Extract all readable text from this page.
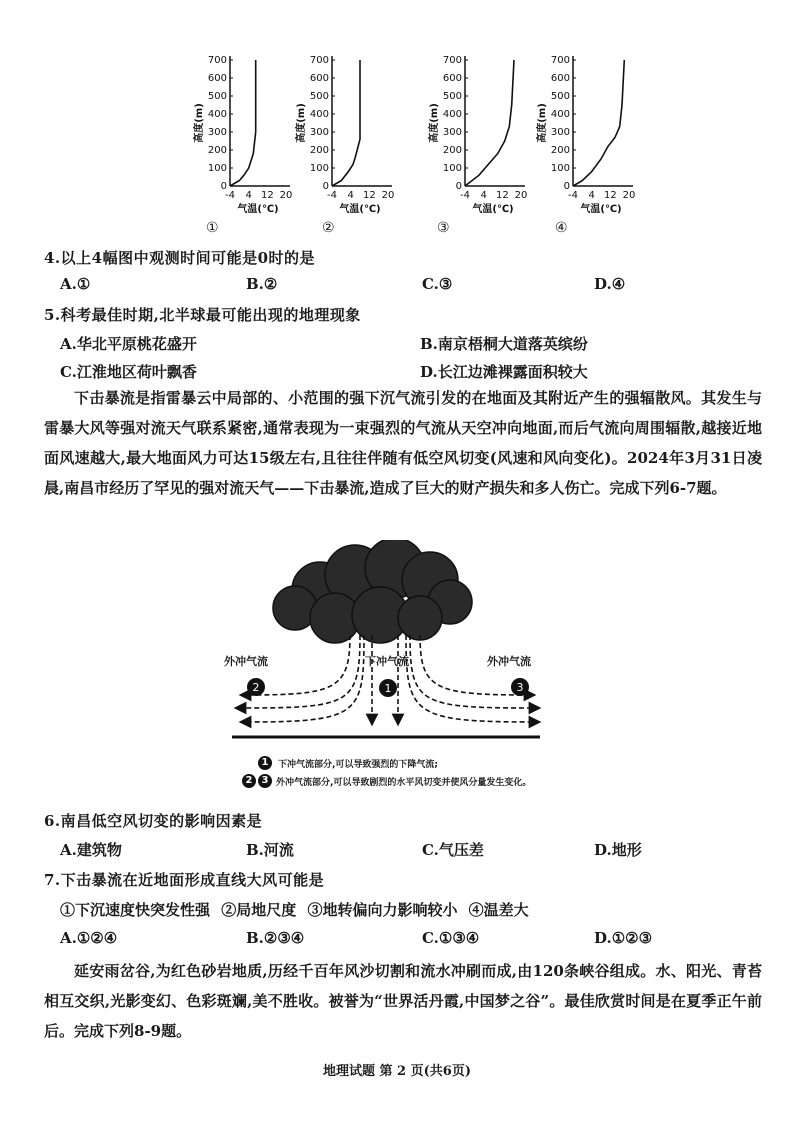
700
600
500
400
300
200
100
0
-4 4 12 20
高度(m)
气温(℃)
①
700
600
500
400
300
200
100
0
-4 4 12 20
高度(m)
气温(℃)
②
700
600
500
400
300
200
100
0
-4 4 12 20
高度(m)
气温(℃)
③
700
600
500
400
300
200
100
0
-4 4 12 20
高度(m)
气温(℃)
④
4.以上4幅图中观测时间可能是0时的是
A.①	B.②	C.③	D.④
5.科考最佳时期,北半球最可能出现的地理现象
A.华北平原桃花盛开	B.南京梧桐大道落英缤纷
C.江淮地区荷叶飘香	D.长江边滩裸露面积较大
下击暴流是指雷暴云中局部的、小范围的强下沉气流引发的在地面及其附近产生的强辐散风。其发生与雷暴大风等强对流天气联系紧密,通常表现为一束强烈的气流从天空冲向地面,而后气流向周围辐散,越接近地面风速越大,最大地面风力可达15级左右,且往往伴随有低空风切变(风速和风向变化)。2024年3月31日凌晨,南昌市经历了罕见的强对流天气——下击暴流,造成了巨大的财产损失和多人伤亡。完成下列6-7题。
2	1	3
外冲气流	下冲气流	外冲气流
1	下冲气流部分,可以导致强烈的下降气流;
2 3 外冲气流部分,可以导致剧烈的水平风切变并使风分量发生变化。
6.南昌低空风切变的影响因素是
A.建筑物	B.河流	C.气压差	D.地形
7.下击暴流在近地面形成直线大风可能是
①下沉速度快突发性强 ②局地尺度 ③地转偏向力影响较小 ④温差大
A.①②④	B.②③④	C.①③④	D.①②③
延安雨岔谷,为红色砂岩地质,历经千百年风沙切割和流水冲刷而成,由120条峡谷组成。水、阳光、青苔相互交织,光影变幻、色彩斑斓,美不胜收。被誉为“世界活丹霞,中国梦之谷”。最佳欣赏时间是在夏季正午前后。完成下列8-9题。
地理试题 第 2 页(共6页)
